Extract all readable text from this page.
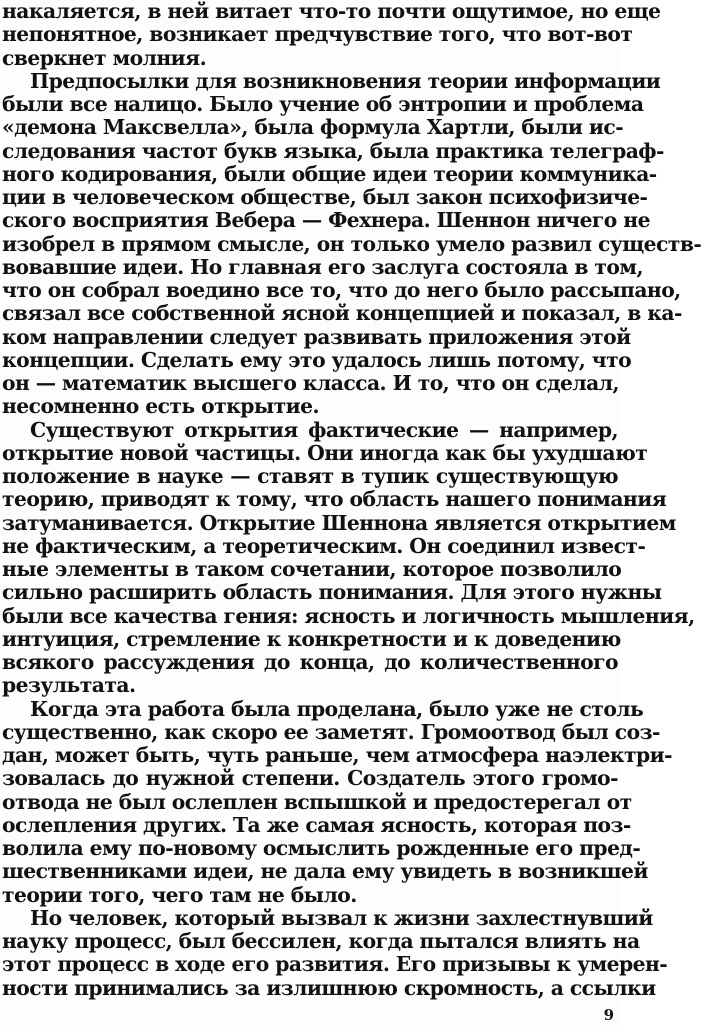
накаляется, в ней витает что-то почти ощутимое, но еще
непонятное, возникает предчувствие того, что вот-вот
сверкнет молния.
Предпосылки для возникновения теории информации
были все налицо. Было учение об энтропии и проблема
«демона Максвелла», была формула Хартли, были ис-
следования частот букв языка, была практика телеграф-
ного кодирования, были общие идеи теории коммуника-
ции в человеческом обществе, был закон психофизиче-
ского восприятия Вебера — Фехнера. Шеннон ничего не
изобрел в прямом смысле, он только умело развил существ-
вовавшие идеи. Но главная его заслуга состояла в том,
что он собрал воедино все то, что до него было рассыпано,
связал все собственной ясной концепцией и показал, в ка-
ком направлении следует развивать приложения этой
концепции. Сделать ему это удалось лишь потому, что
он — математик высшего класса. И то, что он сделал,
несомненно есть открытие.
Существуют открытия фактические — например,
открытие новой частицы. Они иногда как бы ухудшают
положение в науке — ставят в тупик существующую
теорию, приводят к тому, что область нашего понимания
затуманивается. Открытие Шеннона является открытием
не фактическим, а теоретическим. Он соединил извест-
ные элементы в таком сочетании, которое позволило
сильно расширить область понимания. Для этого нужны
были все качества гения: ясность и логичность мышления,
интуиция, стремление к конкретности и к доведению
всякого рассуждения до конца, до количественного
результата.
Когда эта работа была проделана, было уже не столь
существенно, как скоро ее заметят. Громоотвод был соз-
дан, может быть, чуть раньше, чем атмосфера наэлектри-
зовалась до нужной степени. Создатель этого громо-
отвода не был ослеплен вспышкой и предостерегал от
ослепления других. Та же самая ясность, которая поз-
волила ему по-новому осмыслить рожденные его пред-
шественниками идеи, не дала ему увидеть в возникшей
теории того, чего там не было.
Но человек, который вызвал к жизни захлестнувший
науку процесс, был бессилен, когда пытался влиять на
этот процесс в ходе его развития. Его призывы к умерен-
ности принимались за излишнюю скромность, а ссылки
9
